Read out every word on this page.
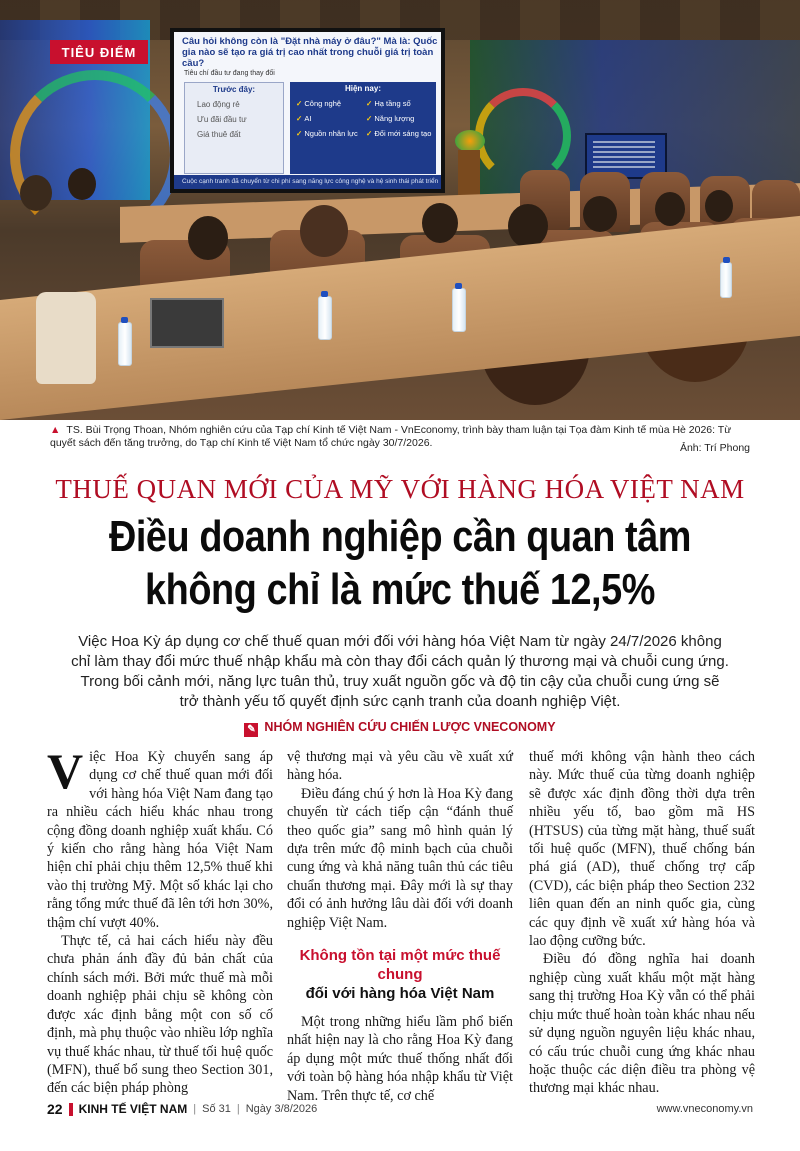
Câu hỏi không còn là "Đặt nhà máy ở đâu?" Mà là: Quốc gia nào sẽ tạo ra giá trị cao nhất trong chuỗi giá trị toàn cầu?
Tiêu chí đầu tư đang thay đổi
Trước đây:
Lao động rẻ
Ưu đãi đầu tư
Giá thuê đất
Hiện nay:
✓ Công nghệ	✓ Hạ tầng số
✓ AI	✓ Năng lượng
✓ Nguồn nhân lực	✓ Đổi mới sáng tạo
Cuộc cạnh tranh đã chuyển từ chi phí sang năng lực công nghệ và hệ sinh thái phát triển
TIÊU ĐIỂM
▲ TS. Bùi Trọng Thoan, Nhóm nghiên cứu của Tạp chí Kinh tế Việt Nam - VnEconomy, trình bày tham luận tại Tọa đàm Kinh tế mùa Hè 2026: Từ quyết sách đến tăng trưởng, do Tạp chí Kinh tế Việt Nam tổ chức ngày 30/7/2026.	Ảnh: Trí Phong
THUẾ QUAN MỚI CỦA MỸ VỚI HÀNG HÓA VIỆT NAM
Điều doanh nghiệp cần quan tâm
không chỉ là mức thuế 12,5%
Việc Hoa Kỳ áp dụng cơ chế thuế quan mới đối với hàng hóa Việt Nam từ ngày 24/7/2026 không chỉ làm thay đổi mức thuế nhập khẩu mà còn thay đổi cách quản lý thương mại và chuỗi cung ứng. Trong bối cảnh mới, năng lực tuân thủ, truy xuất nguồn gốc và độ tin cậy của chuỗi cung ứng sẽ trở thành yếu tố quyết định sức cạnh tranh của doanh nghiệp Việt.
✎ NHÓM NGHIÊN CỨU CHIẾN LƯỢC VNECONOMY

Việc Hoa Kỳ chuyển sang áp dụng cơ chế thuế quan mới đối với hàng hóa Việt Nam đang tạo ra nhiều cách hiểu khác nhau trong cộng đồng doanh nghiệp xuất khẩu. Có ý kiến cho rằng hàng hóa Việt Nam hiện chỉ phải chịu thêm 12,5% thuế khi vào thị trường Mỹ. Một số khác lại cho rằng tổng mức thuế đã lên tới hơn 30%, thậm chí vượt 40%.

Thực tế, cả hai cách hiểu này đều chưa phản ánh đầy đủ bản chất của chính sách mới. Bởi mức thuế mà mỗi doanh nghiệp phải chịu sẽ không còn được xác định bằng một con số cố định, mà phụ thuộc vào nhiều lớp nghĩa vụ thuế khác nhau, từ thuế tối huệ quốc (MFN), thuế bổ sung theo Section 301, đến các biện pháp phòng

vệ thương mại và yêu cầu về xuất xứ hàng hóa.

Điều đáng chú ý hơn là Hoa Kỳ đang chuyển từ cách tiếp cận “đánh thuế theo quốc gia” sang mô hình quản lý dựa trên mức độ minh bạch của chuỗi cung ứng và khả năng tuân thủ các tiêu chuẩn thương mại. Đây mới là sự thay đổi có ảnh hưởng lâu dài đối với doanh nghiệp Việt Nam.

Không tồn tại một mức thuế chung
đối với hàng hóa Việt Nam

Một trong những hiểu lầm phổ biến nhất hiện nay là cho rằng Hoa Kỳ đang áp dụng một mức thuế thống nhất đối với toàn bộ hàng hóa nhập khẩu từ Việt Nam. Trên thực tế, cơ chế

thuế mới không vận hành theo cách này. Mức thuế của từng doanh nghiệp sẽ được xác định đồng thời dựa trên nhiều yếu tố, bao gồm mã HS (HTSUS) của từng mặt hàng, thuế suất tối huệ quốc (MFN), thuế chống bán phá giá (AD), thuế chống trợ cấp (CVD), các biện pháp theo Section 232 liên quan đến an ninh quốc gia, cùng các quy định về xuất xứ hàng hóa và lao động cưỡng bức.

Điều đó đồng nghĩa hai doanh nghiệp cùng xuất khẩu một mặt hàng sang thị trường Hoa Kỳ vẫn có thể phải chịu mức thuế hoàn toàn khác nhau nếu sử dụng nguồn nguyên liệu khác nhau, có cấu trúc chuỗi cung ứng khác nhau hoặc thuộc các diện điều tra phòng vệ thương mại khác nhau.

22 KINH TẾ VIỆT NAM | Số 31 | Ngày 3/8/2026	www.vneconomy.vn
